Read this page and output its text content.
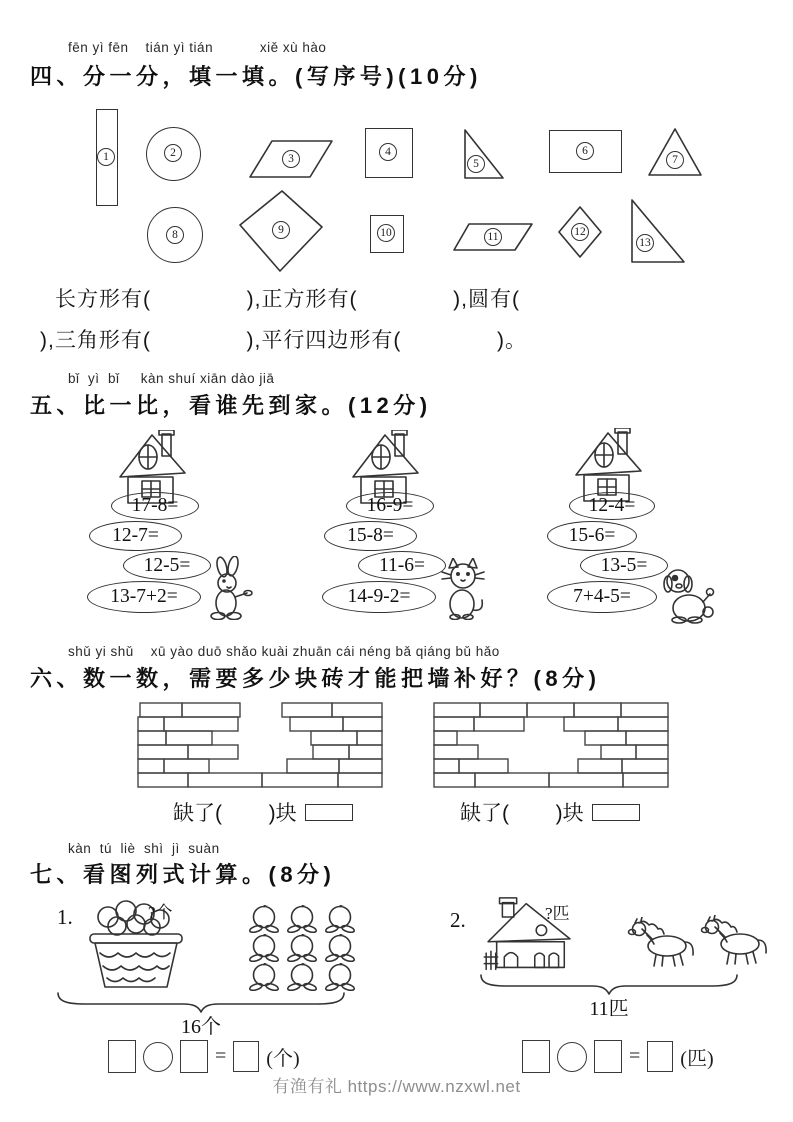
fēn yì fēn    tián yì tián           xiě xù hào
四、分一分，填一填。(写序号)(10分)
1	2	3
4
5
6
7
8	9	10	11	12
13
长方形有(              ),正方形有(              ),圆有(
),三角形有(              ),平行四边形有(              )。
bǐ  yì  bǐ     kàn shuí xiān dào jiā
五、比一比，看谁先到家。(12分)
17-8=
12-7=
12-5=
13-7+2=
16-9=
15-8=
11-6=
14-9-2=
12-4=
15-6=
13-5=
7+4-5=
shǔ yi shǔ    xū yào duō shǎo kuài zhuān cái néng bǎ qiáng bǔ hǎo
六、数一数，需要多少块砖才能把墙补好？(8分)
缺了(        )块	缺了(        )块
kàn  tú  liè  shì  jì  suàn
七、看图列式计算。(8分)
1.	?个
16个
2.	?匹
11匹
= (个)	= (匹)
有渔有礼 https://www.nzxwl.net
